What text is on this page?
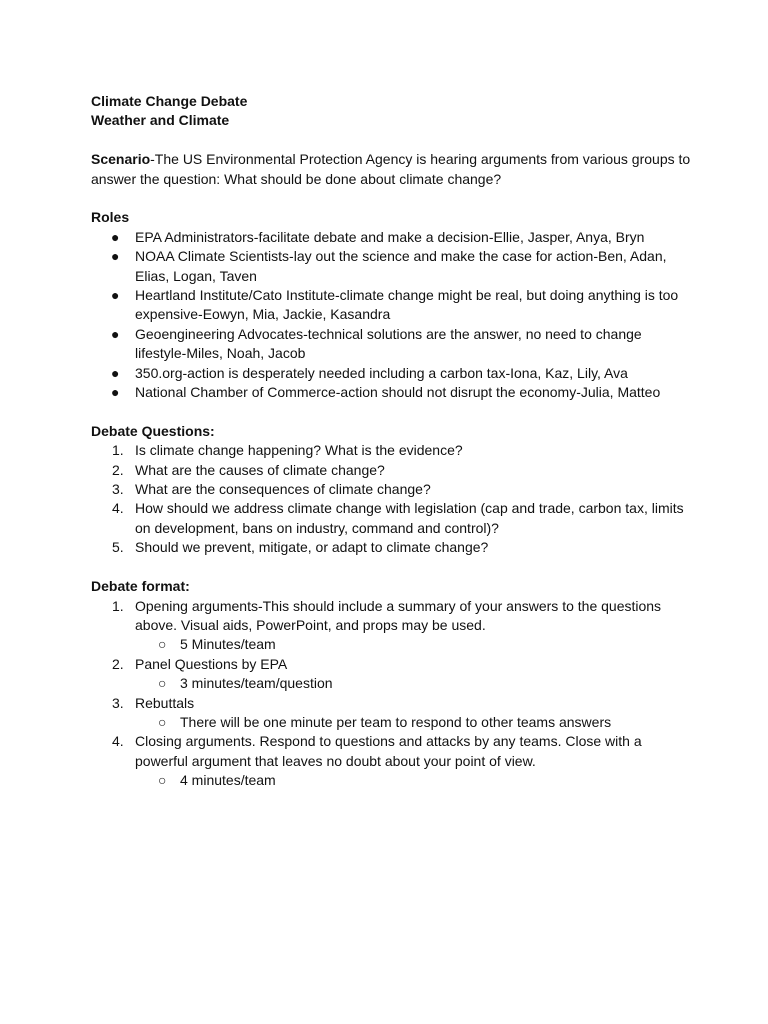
Climate Change Debate

Weather and Climate

Scenario-The US Environmental Protection Agency is hearing arguments from various groups to answer the question: What should be done about climate change?

Roles

● EPA Administrators-facilitate debate and make a decision-Ellie, Jasper, Anya, Bryn
● NOAA Climate Scientists-lay out the science and make the case for action-Ben, Adan, Elias, Logan, Taven
● Heartland Institute/Cato Institute-climate change might be real, but doing anything is too expensive-Eowyn, Mia, Jackie, Kasandra
● Geoengineering Advocates-technical solutions are the answer, no need to change lifestyle-Miles, Noah, Jacob
● 350.org-action is desperately needed including a carbon tax-Iona, Kaz, Lily, Ava
● National Chamber of Commerce-action should not disrupt the economy-Julia, Matteo

Debate Questions:

1. Is climate change happening? What is the evidence?
2. What are the causes of climate change?
3. What are the consequences of climate change?
4. How should we address climate change with legislation (cap and trade, carbon tax, limits on development, bans on industry, command and control)?
5. Should we prevent, mitigate, or adapt to climate change?

Debate format:

1. Opening arguments-This should include a summary of your answers to the questions above. Visual aids, PowerPoint, and props may be used.
○ 5 Minutes/team
2. Panel Questions by EPA
○ 3 minutes/team/question
3. Rebuttals
○ There will be one minute per team to respond to other teams answers
4. Closing arguments. Respond to questions and attacks by any teams. Close with a powerful argument that leaves no doubt about your point of view.
○ 4 minutes/team
